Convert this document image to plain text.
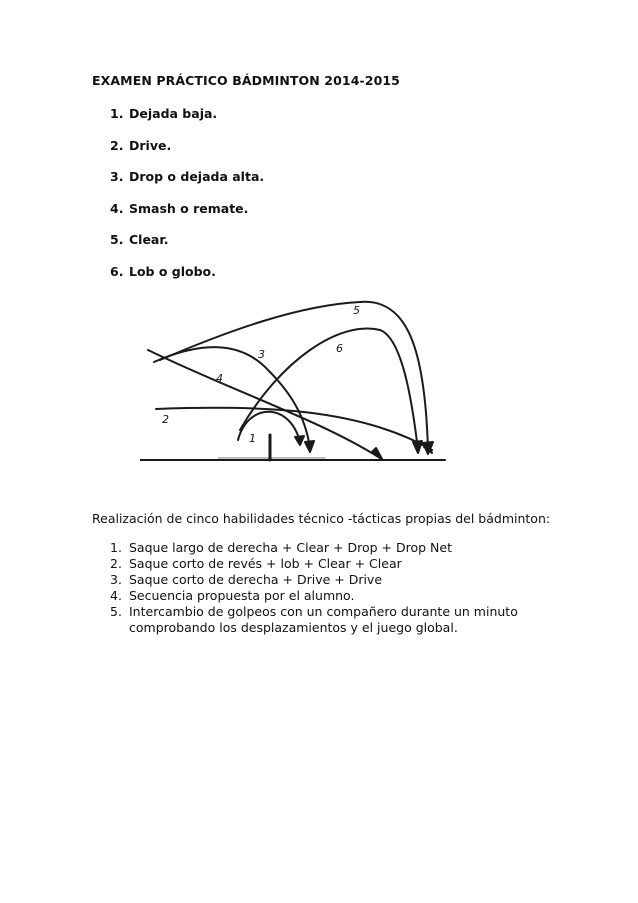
EXAMEN PRÁCTICO BÁDMINTON 2014-2015
1. Dejada baja.
2. Drive.
3. Drop o dejada alta.
4. Smash o remate.
5. Clear.
6. Lob o globo.
1
2
3
4
5
6
Realización de cinco habilidades técnico -tácticas propias del bádminton:
1. Saque largo de derecha + Clear + Drop + Drop Net
2. Saque corto de revés + lob + Clear + Clear
3. Saque corto de derecha + Drive + Drive
4. Secuencia propuesta por el alumno.
5. Intercambio de golpeos con un compañero durante un minuto
comprobando los desplazamientos y el juego global.
